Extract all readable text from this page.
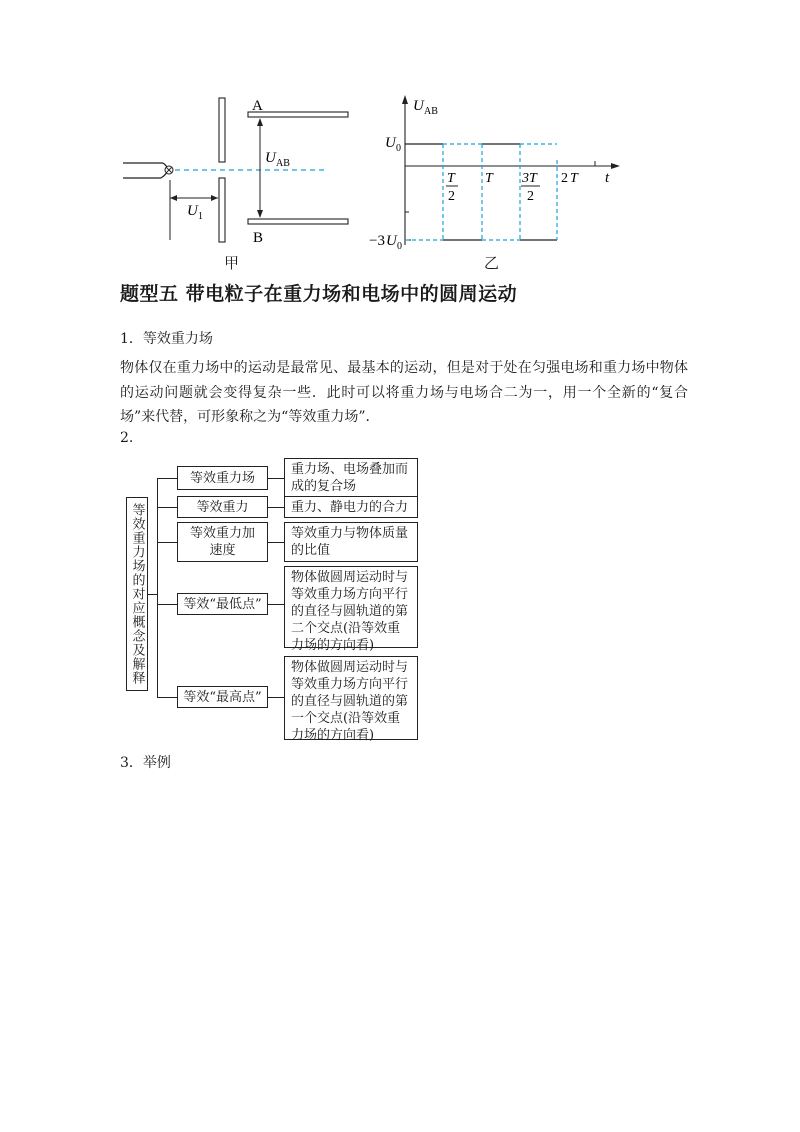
U 1
A
B
U AB
甲
U AB
t
U 0
−3 U 0
T
2
T 3T
2
2 T
乙
题型五 带电粒子在重力场和电场中的圆周运动
1．等效重力场
物体仅在重力场中的运动是最常见、最基本的运动，但是对于处在匀强电场和重力场中物体的运动问题就会变得复杂一些．此时可以将重力场与电场合二为一，用一个全新的“复合场”来代替，可形象称之为“等效重力场”．
2.
等效重力场的对应概念及解释
等效重力场
重力场、电场叠加而成的复合场
等效重力	重力、静电力的合力
等效重力加速度
等效重力与物体质量的比值
等效“最低点”
物体做圆周运动时与等效重力场方向平行的直径与圆轨道的第二个交点(沿等效重力场的方向看)
等效“最高点”
物体做圆周运动时与等效重力场方向平行的直径与圆轨道的第一个交点(沿等效重力场的方向看)
3．举例
